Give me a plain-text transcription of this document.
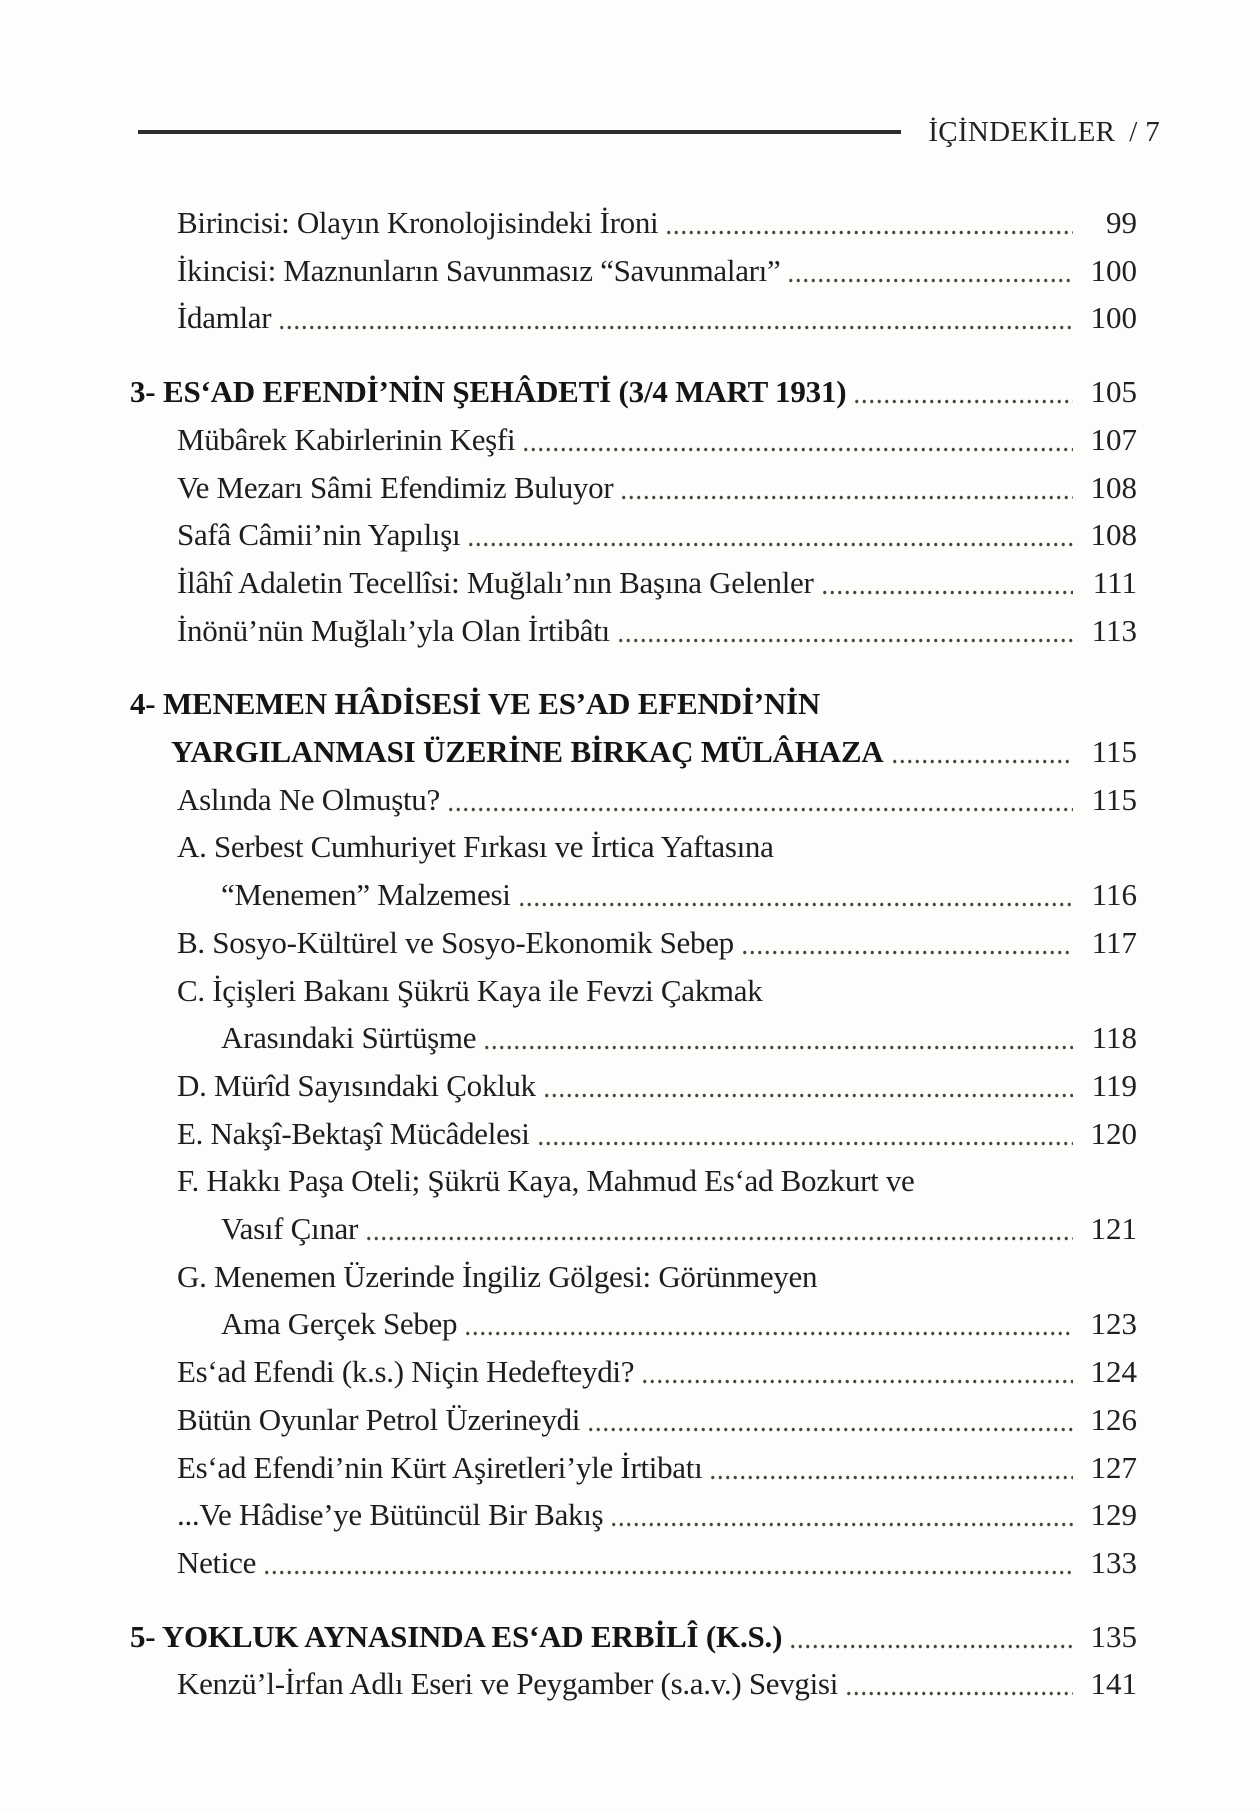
İÇİNDEKİLER / 7
Birincisi: Olayın Kronolojisindeki İroni	99
İkincisi: Maznunların Savunmasız “Savunmaları”	100
İdamlar	100
3- ES‘AD EFENDİ’NİN ŞEHÂDETİ (3/4 MART 1931)	105
Mübârek Kabirlerinin Keşfi	107
Ve Mezarı Sâmi Efendimiz Buluyor	108
Safâ Câmii’nin Yapılışı	108
İlâhî Adaletin Tecellîsi: Muğlalı’nın Başına Gelenler	111
İnönü’nün Muğlalı’yla Olan İrtibâtı	113
4- MENEMEN HÂDİSESİ VE ES’AD EFENDİ’NİN
YARGILANMASI ÜZERİNE BİRKAÇ MÜLÂHAZA	115
Aslında Ne Olmuştu?	115
A. Serbest Cumhuriyet Fırkası ve İrtica Yaftasına
“Menemen” Malzemesi	116
B. Sosyo-Kültürel ve Sosyo-Ekonomik Sebep	117
C. İçişleri Bakanı Şükrü Kaya ile Fevzi Çakmak
Arasındaki Sürtüşme	118
D. Mürîd Sayısındaki Çokluk	119
E. Nakşî-Bektaşî Mücâdelesi	120
F. Hakkı Paşa Oteli; Şükrü Kaya, Mahmud Es‘ad Bozkurt ve
Vasıf Çınar	121
G. Menemen Üzerinde İngiliz Gölgesi: Görünmeyen
Ama Gerçek Sebep	123
Es‘ad Efendi (k.s.) Niçin Hedefteydi?	124
Bütün Oyunlar Petrol Üzerineydi	126
Es‘ad Efendi’nin Kürt Aşiretleri’yle İrtibatı	127
...Ve Hâdise’ye Bütüncül Bir Bakış	129
Netice	133
5- YOKLUK AYNASINDA ES‘AD ERBİLÎ (K.S.)	135
Kenzü’l-İrfan Adlı Eseri ve Peygamber (s.a.v.) Sevgisi	141
